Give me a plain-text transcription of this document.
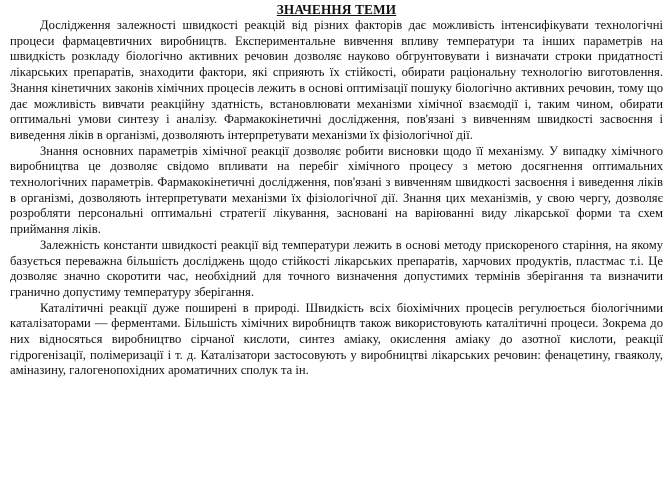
ЗНАЧЕННЯ ТЕМИ

Дослідження залежності швидкості реакцій від різних факторів дає можливість інтенсифікувати технологічні процеси фармацевтичних виробництв. Експериментальне вивчення впливу температури та інших параметрів на швидкість розкладу біологічно активних речовин дозволяє науково обгрунтовувати і визначати строки придатності лікарських препаратів, знаходити фактори, які сприяють їх стійкості, обирати раціональну технологію виготовлення. Знання кінетичних законів хімічних процесів лежить в основі оптимізації пошуку біологічно активних речовин, тому що дає можливість вивчати реакційну здатність, встановлювати механізми хімічної взаємодії і, таким чином, обирати оптимальні умови синтезу і аналізу. Фармакокінетичні дослідження, пов'язані з вивченням швидкості засвоєння і виведення ліків в організмі, дозволяють інтерпретувати механізми їх фізіологічної дії.

Знання основних параметрів хімічної реакції дозволяє робити висновки щодо її механізму. У випадку хімічного виробництва це дозволяє свідомо впливати на перебіг хімічного процесу з метою досягнення оптимальних технологічних параметрів. Фармакокінетичні дослідження, пов'язані з вивченням швидкості засвоєння і виведення ліків в організмі, дозволяють інтерпретувати механізми їх фізіологічної дії. Знання цих механізмів, у свою чергу, дозволяє розробляти персональні оптимальні стратегії лікування, засновані на варіюванні виду лікарської форми та схем приймання ліків.

Залежність константи швидкості реакції від температури лежить в основі методу прискореного старіння, на якому базується переважна більшість досліджень щодо стійкості лікарських препаратів, харчових продуктів, пластмас т.і. Це дозволяє значно скоротити час, необхідний для точного визначення допустимих термінів зберігання та визначити гранично допустиму температуру зберігання.

Каталітичні реакції дуже поширені в природі. Швидкість всіх біохімічних процесів регулюється біологічними каталізаторами — ферментами. Більшість хімічних виробництв також використовують каталітичні процеси. Зокрема до них відносяться виробництво сірчаної кислоти, синтез аміаку, окислення аміаку до азотної кислоти, реакції гідрогенізації, полімеризації і т. д. Каталізатори застосовують у виробництві лікарських речовин: фенацетину, гваяколу, аміназину, галогенопохідних ароматичних сполук та ін.
